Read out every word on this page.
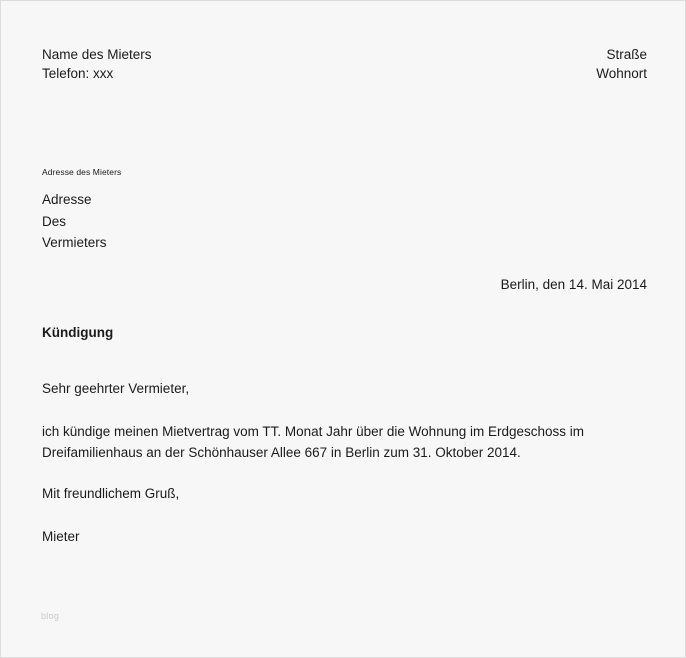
Name des Mieters
Telefon: xxx
Straße
Wohnort
Adresse des Mieters
Adresse
Des
Vermieters
Berlin, den 14. Mai 2014
Kündigung

Sehr geehrter Vermieter,

ich kündige meinen Mietvertrag vom TT. Monat Jahr über die Wohnung im Erdgeschoss im Dreifamilienhaus an der Schönhauser Allee 667 in Berlin zum 31. Oktober 2014.

Mit freundlichem Gruß,

Mieter

blog
